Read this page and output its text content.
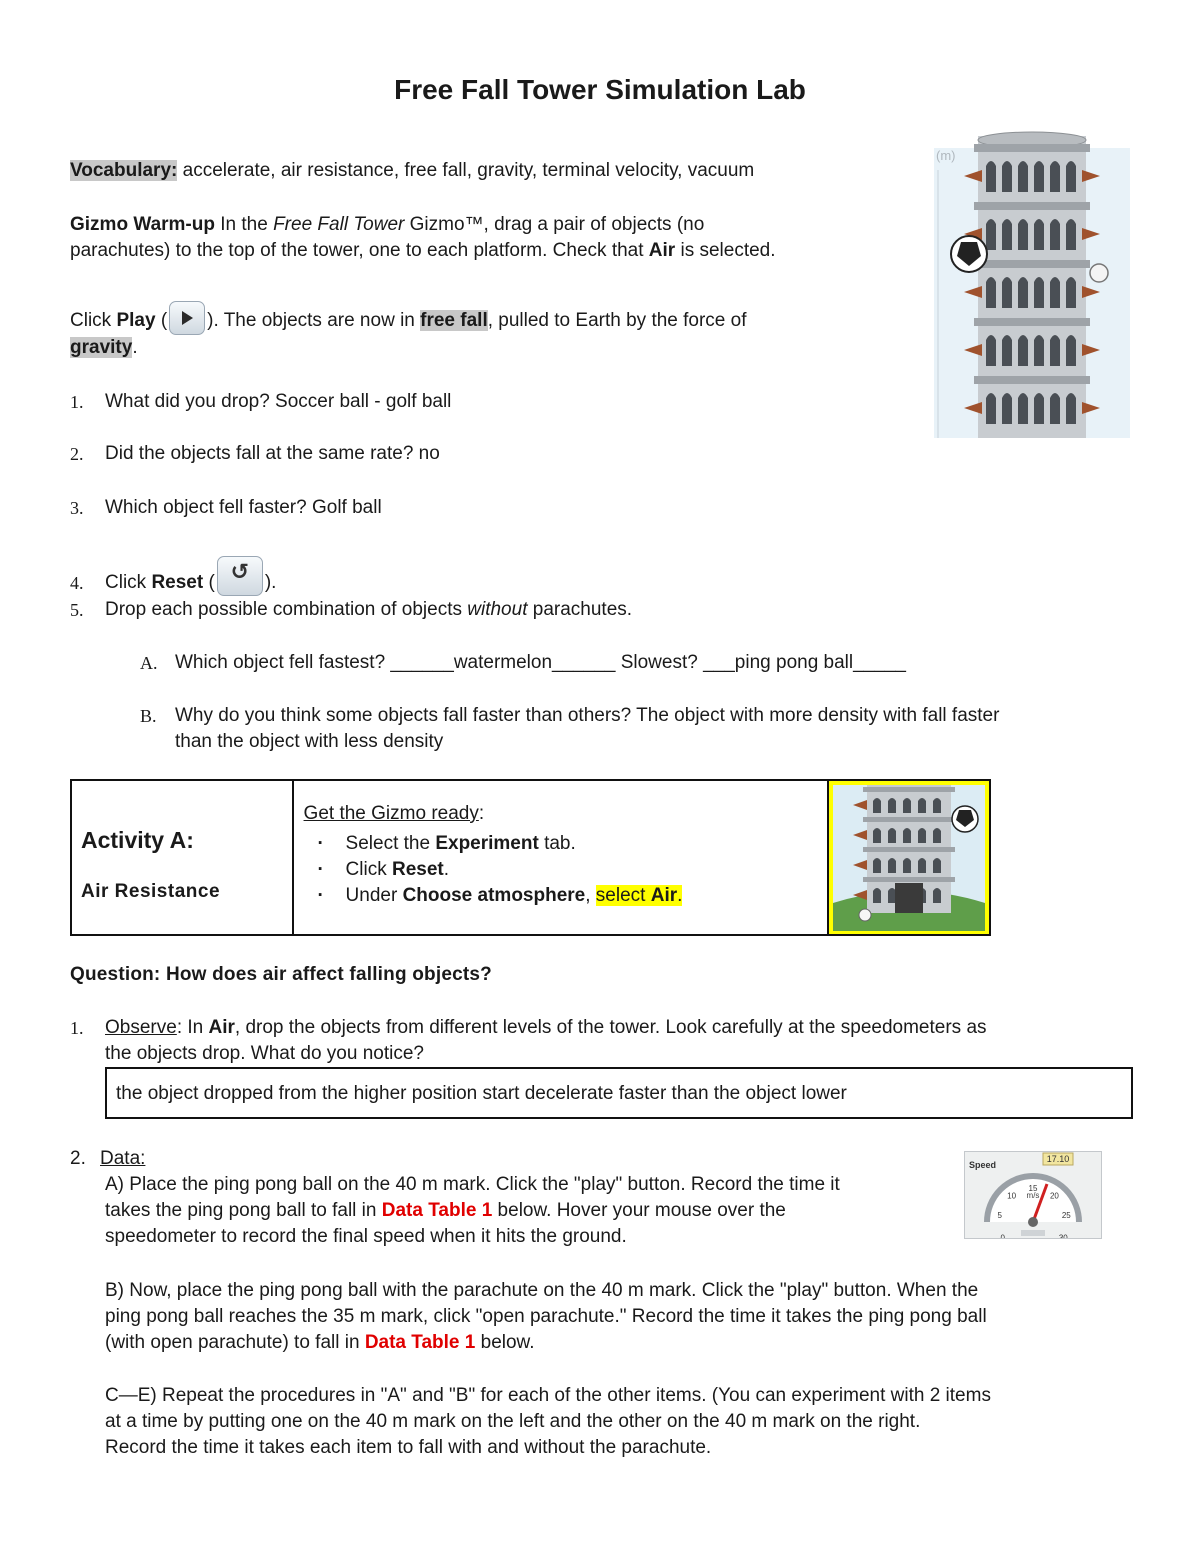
Free Fall Tower Simulation Lab
Vocabulary: accelerate, air resistance, free fall, gravity, terminal velocity, vacuum
Gizmo Warm-up In the Free Fall Tower Gizmo™, drag a pair of objects (no
parachutes) to the top of the tower, one to each platform. Check that Air is selected.
Click Play ( ). The objects are now in free fall, pulled to Earth by the force of
gravity.
1. What did you drop? Soccer ball - golf ball
2. Did the objects fall at the same rate? no
3. Which object fell faster? Golf ball
4. Click Reset ( ↺ ).
5. Drop each possible combination of objects without parachutes.
A. Which object fell fastest? ______watermelon______ Slowest? ___ping pong ball_____
B. Why do you think some objects fall faster than others? The object with more density with fall faster
than the object with less density
(m)
Activity A:
Air Resistance

Get the Gizmo ready:
· Select the Experiment tab.
· Click Reset.
· Under Choose atmosphere, select Air.

Question: How does air affect falling objects?
1. Observe: In Air, drop the objects from different levels of the tower. Look carefully at the speedometers as
the objects drop. What do you notice?
the object dropped from the higher position start decelerate faster than the object lower
2. Data:
A) Place the ping pong ball on the 40 m mark. Click the "play" button. Record the time it
takes the ping pong ball to fall in Data Table 1 below. Hover your mouse over the
speedometer to record the final speed when it hits the ground.
B) Now, place the ping pong ball with the parachute on the 40 m mark. Click the "play" button. When the
ping pong ball reaches the 35 m mark, click "open parachute." Record the time it takes the ping pong ball
(with open parachute) to fall in Data Table 1 below.
C—E) Repeat the procedures in "A" and "B" for each of the other items. (You can experiment with 2 items
at a time by putting one on the 40 m mark on the left and the other on the 40 m mark on the right.
Record the time it takes each item to fall with and without the parachute.
Speed
17.10
0
5
10
15
20
25
30
m/s
